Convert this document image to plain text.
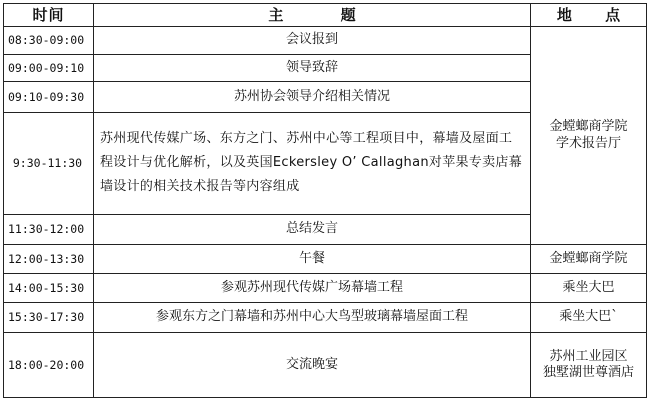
时间	主 题	地 点
08:30-09:00	会议报到	金螳螂商学院
学术报告厅

09:00-09:10	领导致辞	
09:10-09:30	苏州协会领导介绍相关情况	
9:30-11:30	苏州现代传媒广场、东方之门、苏州中心等工程项目中，幕墙及屋面工程设计与优化解析，以及英国Eckersley O’ Callaghan对苹果专卖店幕墙设计的相关技术报告等内容组成	
11:30-12:00	总结发言	
12:00-13:30	午餐	金螳螂商学院

14:00-15:30	参观苏州现代传媒广场幕墙工程	乘坐大巴

15:30-17:30	参观东方之门幕墙和苏州中心大鸟型玻璃幕墙屋面工程	乘坐大巴`

18:00-20:00	交流晚宴	苏州工业园区
独墅湖世尊酒店
